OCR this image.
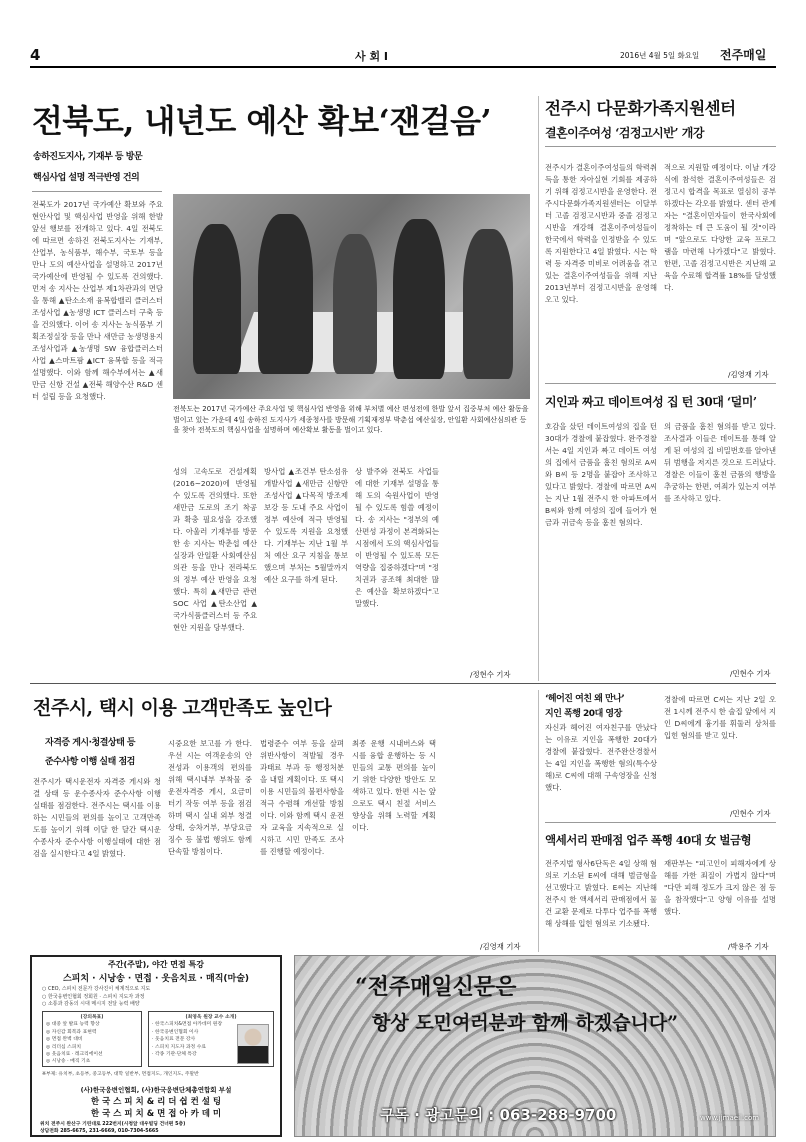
4	사 회 Ⅰ	2016년 4월 5일 화요일 전주매일
전북도, 내년도 예산 확보‘잰걸음’
송하진도지사, 기재부 등 방문
핵심사업 설명 적극반영 건의
전북도가 2017년 국가예산 확보와 주요 현안사업 및 핵심사업 반영을 위해 한발 앞선 행보를 전개하고 있다. 4일 전북도에 따르면 송하진 전북도지사는 기재부, 산업부, 농식품부, 해수부, 국토부 등을 만나 도의 예산사업을 설명하고 2017년 국가예산에 반영될 수 있도록 건의했다. 먼저 송 지사는 산업부 제1차관과의 면담을 통해 ▲탄소소재 융복합밸리 클러스터 조성사업 ▲농생명 ICT 클러스터 구축 등을 건의했다. 이어 송 지사는 농식품부 기획조정실장 등을 만나 새만금 농생명용지 조성사업과 ▲농생명 SW 융합클러스터 사업 ▲스마트팜 ▲ICT 융복합 등을 적극 설명했다. 이와 함께 해수부에서는 ▲새만금 신항 건설 ▲전북 해양수산 R&D 센터 설립 등을 요청했다.
전북도는 2017년 국가예산 주요사업 및 핵심사업 반영을 위해 부처별 예산 편성전에 한발 앞서 집중부처 예산 활동을 벌이고 있는 가운데 4일 송하진 도지사가 세종청사를 방문해 기획재정부 박춘섭 예산실장, 안일환 사회예산심의관 등을 찾아 전북도의 핵심사업을 설명하며 예산확보 활동을 벌이고 있다.
성의 고속도로 건설계획(2016~2020)에 반영될 수 있도록 건의했다. 또한 새만금 도로의 조기 착공과 확충 필요성을 강조했다. 아울러 기재부를 방문한 송 지사는 박춘섭 예산실장과 안일환 사회예산심의관 등을 만나 전라북도의 정부 예산 반영을 요청했다. 특히 ▲새만금 관련 SOC 사업 ▲탄소산업 ▲국가식품클러스터 등 주요 현안 지원을 당부했다.
방사업 ▲조건부 탄소섬유 개발사업 ▲새만금 신항만 조성사업 ▲다목적 방조제 보강 등 도내 주요 사업이 정부 예산에 적극 반영될 수 있도록 지원을 요청했다. 기재부는 지난 1월 부처 예산 요구 지침을 통보했으며 부처는 5월말까지 예산 요구를 하게 된다.
상 발주와 전북도 사업들에 대한 기재부 설명을 통해 도의 숙원사업이 반영될 수 있도록 힘쓸 예정이다. 송 지사는 "정부의 예산편성 과정이 본격화되는 시점에서 도의 핵심사업들이 반영될 수 있도록 모든 역량을 집중하겠다"며 "정치권과 공조해 최대한 많은 예산을 확보하겠다"고 말했다.
/정현수 기자
전주시 다문화가족지원센터
결혼이주여성 ‘검정고시반’ 개강
전주시가 결혼이주여성들의 학력취득을 통한 자아실현 기회를 제공하기 위해 검정고시반을 운영한다. 전주시다문화가족지원센터는 이달부터 고졸 검정고시반과 중졸 검정고시반을 개강해 결혼이주여성들이 한국에서 학력을 인정받을 수 있도록 지원한다고 4일 밝혔다. 시는 학력 등 자격증 미비로 어려움을 겪고 있는 결혼이주여성들을 위해 지난 2013년부터 검정고시반을 운영해오고 있다.
적으로 지원할 예정이다. 이날 개강식에 참석한 결혼이주여성들은 검정고시 합격을 목표로 열심히 공부하겠다는 각오를 밝혔다. 센터 관계자는 "결혼이민자들이 한국사회에 정착하는 데 큰 도움이 될 것"이라며 "앞으로도 다양한 교육 프로그램을 마련해 나가겠다"고 밝혔다. 한편, 고졸 검정고시반은 지난해 교육을 수료해 합격률 18%를 달성했다.
/김영재 기자
지인과 짜고 데이트여성 집 턴 30대 ‘덜미’
호감을 샀던 데이트여성의 집을 턴 30대가 경찰에 붙잡혔다. 완주경찰서는 4일 지인과 짜고 데이트 여성의 집에서 금품을 훔친 혐의로 A씨와 B씨 등 2명을 붙잡아 조사하고 있다고 밝혔다. 경찰에 따르면 A씨는 지난 1월 전주시 한 아파트에서 B씨와 함께 여성의 집에 들어가 현금과 귀금속 등을 훔친 혐의다.
의 금품을 훔친 혐의를 받고 있다. 조사결과 이들은 데이트를 통해 알게 된 여성의 집 비밀번호를 알아낸 뒤 범행을 저지른 것으로 드러났다. 경찰은 이들이 훔친 금품의 행방을 추궁하는 한편, 여죄가 있는지 여부를 조사하고 있다.
/민현수 기자
전주시, 택시 이용 고객만족도 높인다
자격증 게시·청결상태 등
준수사항 이행 실태 점검
전주시가 택시운전자 자격증 게시와 청결 상태 등 운수종사자 준수사항 이행 실태를 점검한다. 전주시는 택시를 이용하는 시민들의 편의를 높이고 고객만족도를 높이기 위해 이달 한 달간 택시운수종사자 준수사항 이행실태에 대한 점검을 실시한다고 4일 밝혔다.
시중요한 보고를 가 한다. 우선 시는 여객운송의 안전성과 이용객의 편의를 위해 택시내부 부착물 중 운전자격증 게시, 요금미터기 작동 여부 등을 점검하며 택시 실내 외부 청결상태, 승차거부, 부당요금 징수 등 불법 행위도 함께 단속할 방침이다.
법령준수 여부 등을 살펴 위반사항이 적발될 경우 과태료 부과 등 행정처분을 내릴 계획이다. 또 택시 이용 시민들의 불편사항을 적극 수렴해 개선할 방침이다. 이와 함께 택시 운전자 교육을 지속적으로 실시하고 시민 만족도 조사를 진행할 예정이다.
최종 운행 시내버스와 택시를 융합 운행하는 등 시민들의 교통 편의를 높이기 위한 다양한 방안도 모색하고 있다. 한편 시는 앞으로도 택시 친절 서비스 향상을 위해 노력할 계획이다.
/김영재 기자
‘헤어진 여친 왜 만나’
지인 폭행 20대 영장
자신과 헤어진 여자친구를 만났다는 이유로 지인을 폭행한 20대가 경찰에 붙잡혔다. 전주완산경찰서는 4일 지인을 폭행한 혐의(특수상해)로 C씨에 대해 구속영장을 신청했다.
경찰에 따르면 C씨는 지난 2일 오전 1시께 전주시 한 술집 앞에서 지인 D씨에게 흉기를 휘둘러 상처를 입힌 혐의를 받고 있다.
/민현수 기자
액세서리 판매점 업주 폭행 40대 女 벌금형
전주지법 형사6단독은 4일 상해 혐의로 기소된 E씨에 대해 벌금형을 선고했다고 밝혔다. E씨는 지난해 전주시 한 액세서리 판매점에서 물건 교환 문제로 다투다 업주를 폭행해 상해를 입힌 혐의로 기소됐다.
재판부는 "피고인이 피해자에게 상해를 가한 죄질이 가볍지 않다"며 "다만 피해 정도가 크지 않은 점 등을 참작했다"고 양형 이유를 설명했다.
/박용주 기자
주간(주말), 야간 면접 특강
스피치 · 시낭송 · 면접 · 웃음치료 · 매직(마술)
○ CEO, 스피치 전문가 강사진이 체계적으로 지도
○ 한국웅변인협회 정회원 · 스피치 지도자 과정
○ 소통과 감동의 시대 메시지 전달 능력 배양
(강의목표)
◎ 대중 앞 발표 능력 향상
◎ 자신감 회복과 표현력
◎ 면접 완벽 대비
◎ 리더십 스피치
◎ 웃음치료 · 레크리에이션
◎ 시낭송 · 매직 기초
(최영욱 원장 교수 소개)
· 한국스피치&면접 아카데미 원장
· 한국웅변인협회 이사
· 웃음치료 전문 강사
· 스피치 지도자 과정 수료
· 각종 기관·단체 특강
※부제: 유치부, 초등부, 중고등부, 대학 일반부, 면접지도, 개인지도, 주말반
(사)한국웅변인협회, (사)한국웅변단체총연합회 부설
한 국 스 피 치 & 리 더 쉽 컨 설 팅
한 국 스 피 치 & 면 접 아 카 데 미
위치 전주시 완산구 기린대로 222번지(시청앞 대우빌딩 건너편 5층)
상담전화 285-6675, 231-6669, 010-7304-5665
“전주매일신문은
항상 도민여러분과 함께 하겠습니다”
구독 · 광고문의 : 063-288-9700	www.jjmaeil.com
